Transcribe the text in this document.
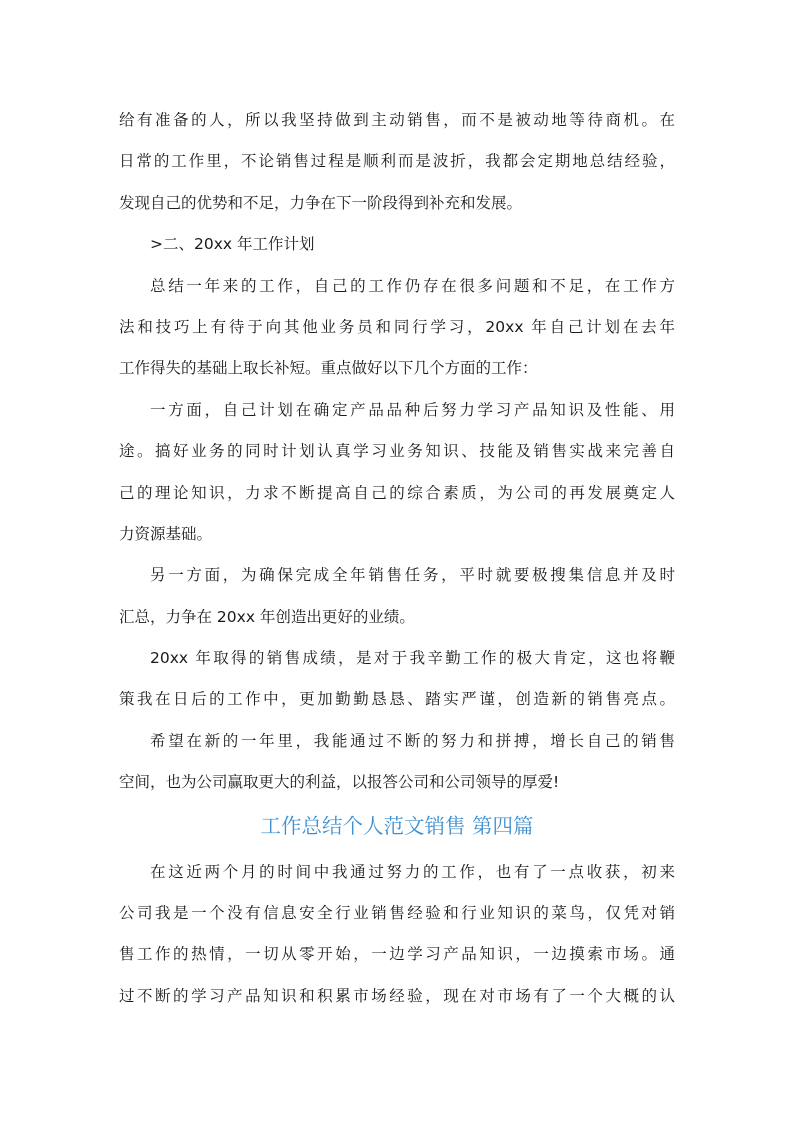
给有准备的人，所以我坚持做到主动销售，而不是被动地等待商机。在
日常的工作里，不论销售过程是顺利而是波折，我都会定期地总结经验，
发现自己的优势和不足，力争在下一阶段得到补充和发展。
>二、20xx 年工作计划
总结一年来的工作，自己的工作仍存在很多问题和不足，在工作方
法和技巧上有待于向其他业务员和同行学习，20xx 年自己计划在去年
工作得失的基础上取长补短。重点做好以下几个方面的工作：
一方面，自己计划在确定产品品种后努力学习产品知识及性能、用
途。搞好业务的同时计划认真学习业务知识、技能及销售实战来完善自
己的理论知识，力求不断提高自己的综合素质，为公司的再发展奠定人
力资源基础。
另一方面，为确保完成全年销售任务，平时就要极搜集信息并及时
汇总，力争在 20xx 年创造出更好的业绩。
20xx 年取得的销售成绩，是对于我辛勤工作的极大肯定，这也将鞭
策我在日后的工作中，更加勤勤恳恳、踏实严谨，创造新的销售亮点。
希望在新的一年里，我能通过不断的努力和拼搏，增长自己的销售
空间，也为公司赢取更大的利益，以报答公司和公司领导的厚爱!
工作总结个人范文销售 第四篇
在这近两个月的时间中我通过努力的工作，也有了一点收获，初来
公司我是一个没有信息安全行业销售经验和行业知识的菜鸟，仅凭对销
售工作的热情，一切从零开始，一边学习产品知识，一边摸索市场。通
过不断的学习产品知识和积累市场经验，现在对市场有了一个大概的认
